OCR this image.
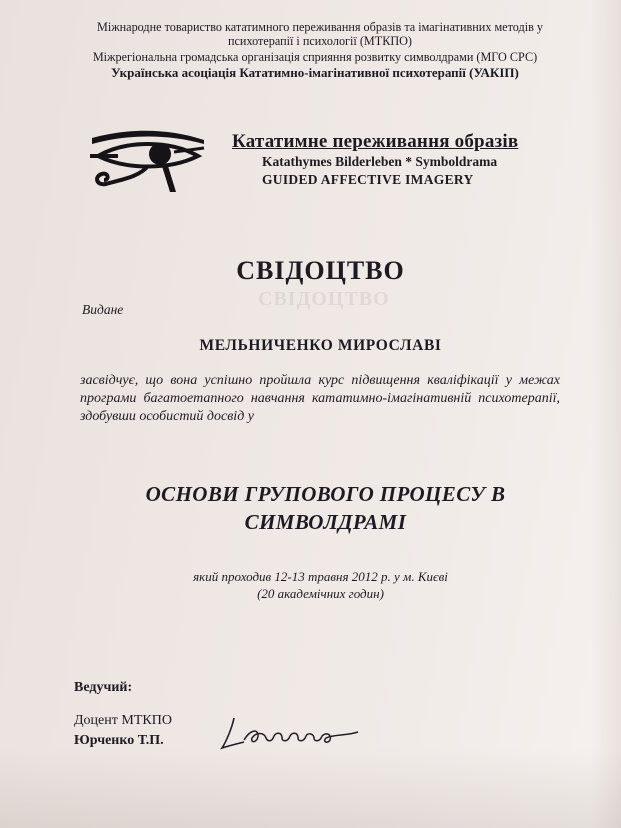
Міжнародне товариство кататимного переживання образів та імагінативних методів у психотерапії і психології (МТКПО)
Міжрегіональна громадська організація сприяння розвитку символдрами (МГО СРС)
Українська асоціація Кататимно-імагінативної психотерапії (УАКІП)
Кататимне переживання образів
Katathymes Bilderleben * Symboldrama
GUIDED AFFECTIVE IMAGERY
СВІДОЦТВО
СВІДОЦТВО
Видане
МЕЛЬНИЧЕНКО МИРОСЛАВІ
засвідчує, що вона успішно пройшла курс підвищення кваліфікації у межах програми багатоетапного навчання кататимно-імагінативній психотерапії, здобувши особистий досвід у
ОСНОВИ ГРУПОВОГО ПРОЦЕСУ В
СИМВОЛДРАМІ
який проходив 12-13 травня 2012 р. у м. Києві
(20 академічних годин)
Ведучий:
Доцент МТКПО
Юрченко Т.П.
